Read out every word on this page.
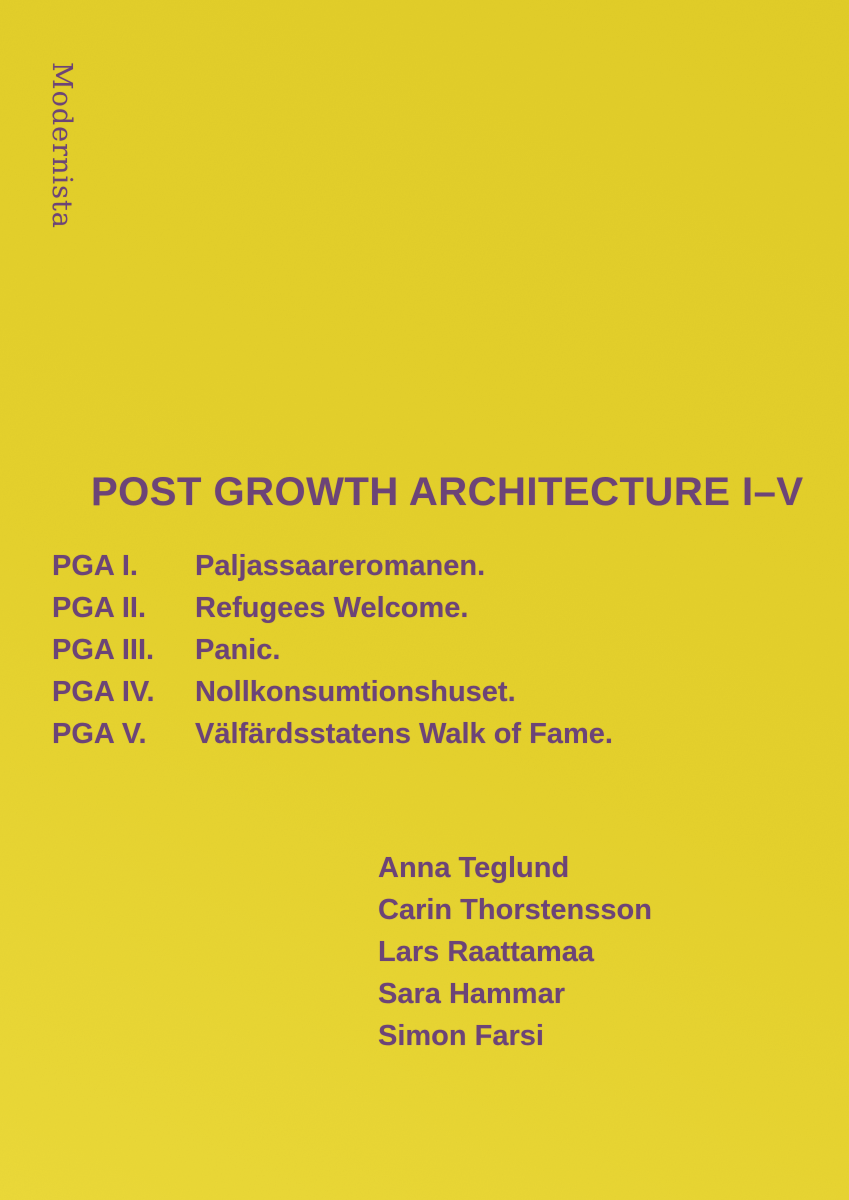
Modernista
POST GROWTH ARCHITECTURE I–V
PGA I.	Paljassaareromanen.
PGA II.	Refugees Welcome.
PGA III.	Panic.
PGA IV.	Nollkonsumtionshuset.
PGA V.	Välfärdsstatens Walk of Fame.
Anna Teglund
Carin Thorstensson
Lars Raattamaa
Sara Hammar
Simon Farsi
